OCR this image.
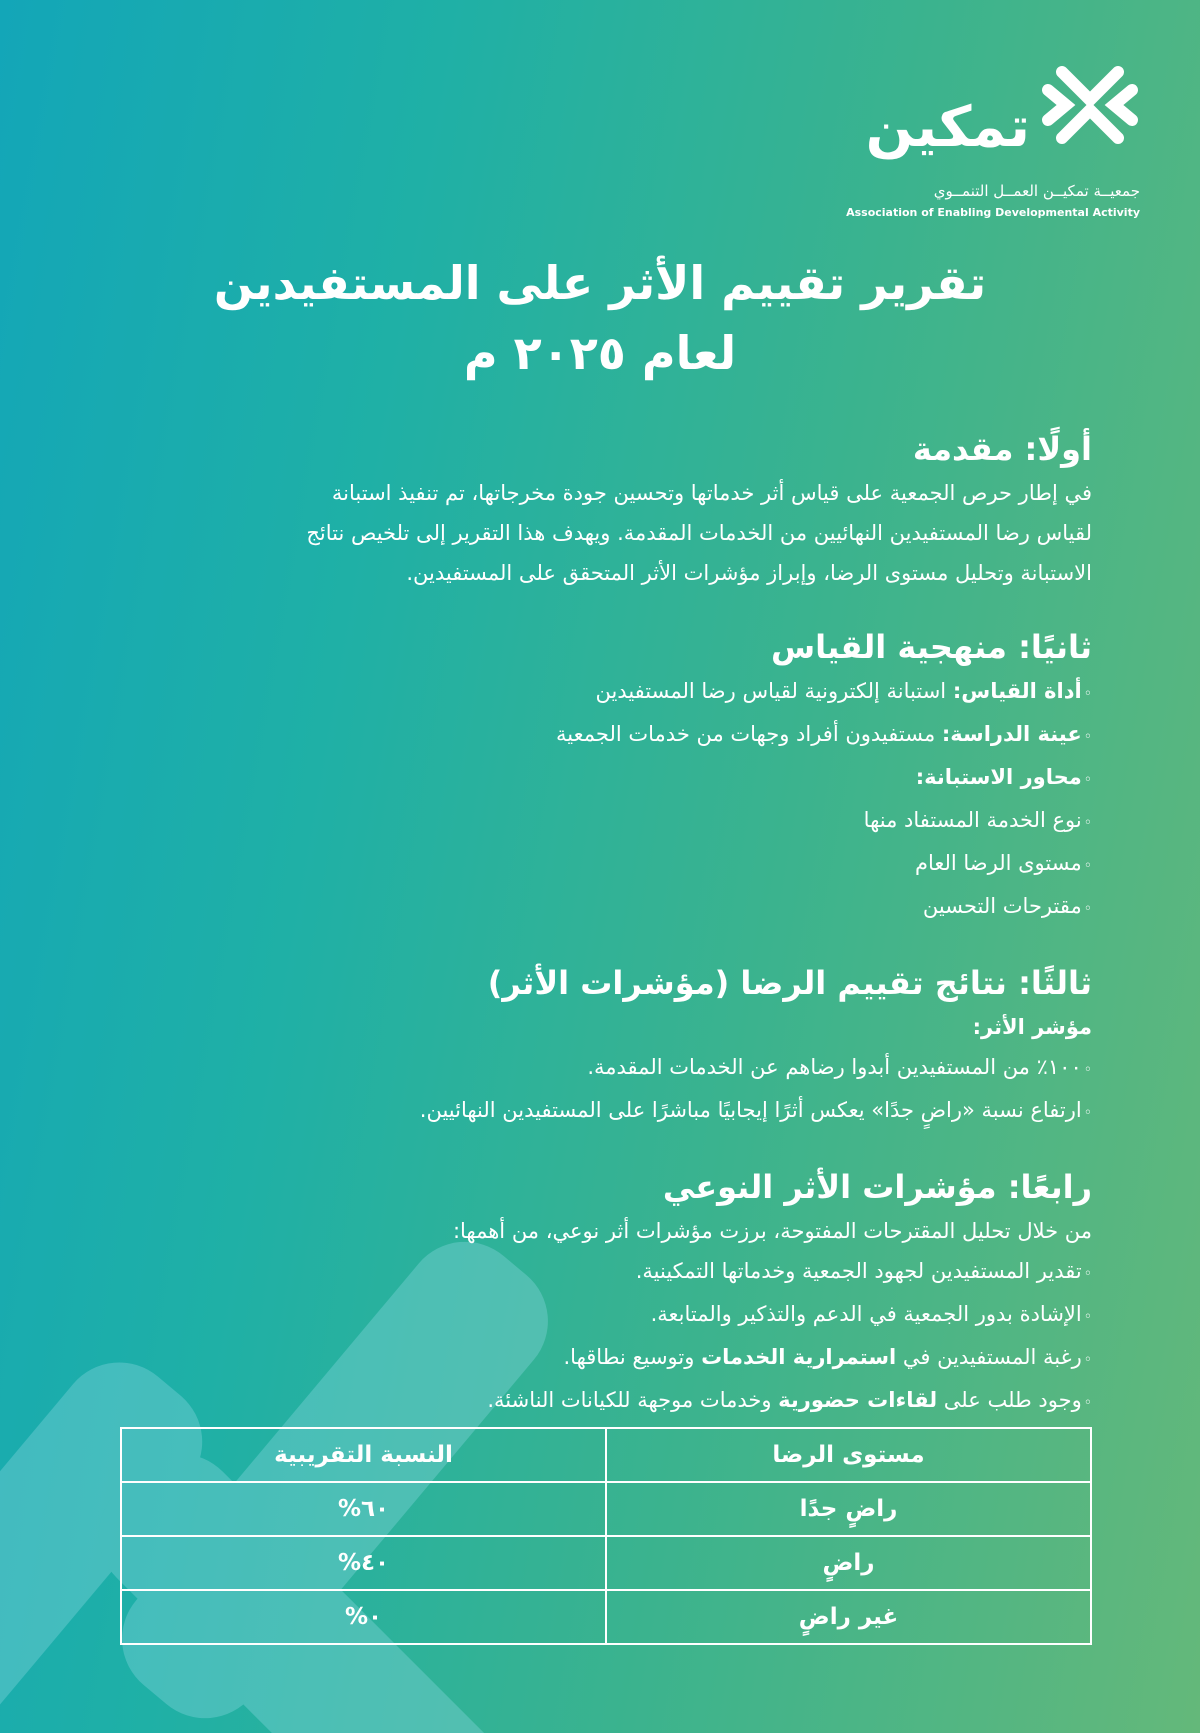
تمكين
جمعيــة تمكيــن العمــل التنمــوي
Association of Enabling Developmental Activity
تقرير تقييم الأثر على المستفيدين
لعام ٢٠٢٥ م
أولًا: مقدمة

في إطار حرص الجمعية على قياس أثر خدماتها وتحسين جودة مخرجاتها، تم تنفيذ استبانة

لقياس رضا المستفيدين النهائيين من الخدمات المقدمة. ويهدف هذا التقرير إلى تلخيص نتائج

الاستبانة وتحليل مستوى الرضا، وإبراز مؤشرات الأثر المتحقق على المستفيدين.

ثانيًا: منهجية القياس
◦ أداة القياس: استبانة إلكترونية لقياس رضا المستفيدين
◦ عينة الدراسة: مستفيدون أفراد وجهات من خدمات الجمعية
◦ محاور الاستبانة:
◦ نوع الخدمة المستفاد منها
◦ مستوى الرضا العام
◦ مقترحات التحسين
ثالثًا: نتائج تقييم الرضا (مؤشرات الأثر)
مؤشر الأثر:
◦ ١٠٠٪ من المستفيدين أبدوا رضاهم عن الخدمات المقدمة.
◦ ارتفاع نسبة «راضٍ جدًا» يعكس أثرًا إيجابيًا مباشرًا على المستفيدين النهائيين.
رابعًا: مؤشرات الأثر النوعي

من خلال تحليل المقترحات المفتوحة، برزت مؤشرات أثر نوعي، من أهمها:

◦ تقدير المستفيدين لجهود الجمعية وخدماتها التمكينية.
◦ الإشادة بدور الجمعية في الدعم والتذكير والمتابعة.
◦ رغبة المستفيدين في استمرارية الخدمات وتوسيع نطاقها.
◦ وجود طلب على لقاءات حضورية وخدمات موجهة للكيانات الناشئة.
مستوى الرضا	النسبة التقريبية
راضٍ جدًا	٦٠%
راضٍ	٤٠%
غير راضٍ	٠%
